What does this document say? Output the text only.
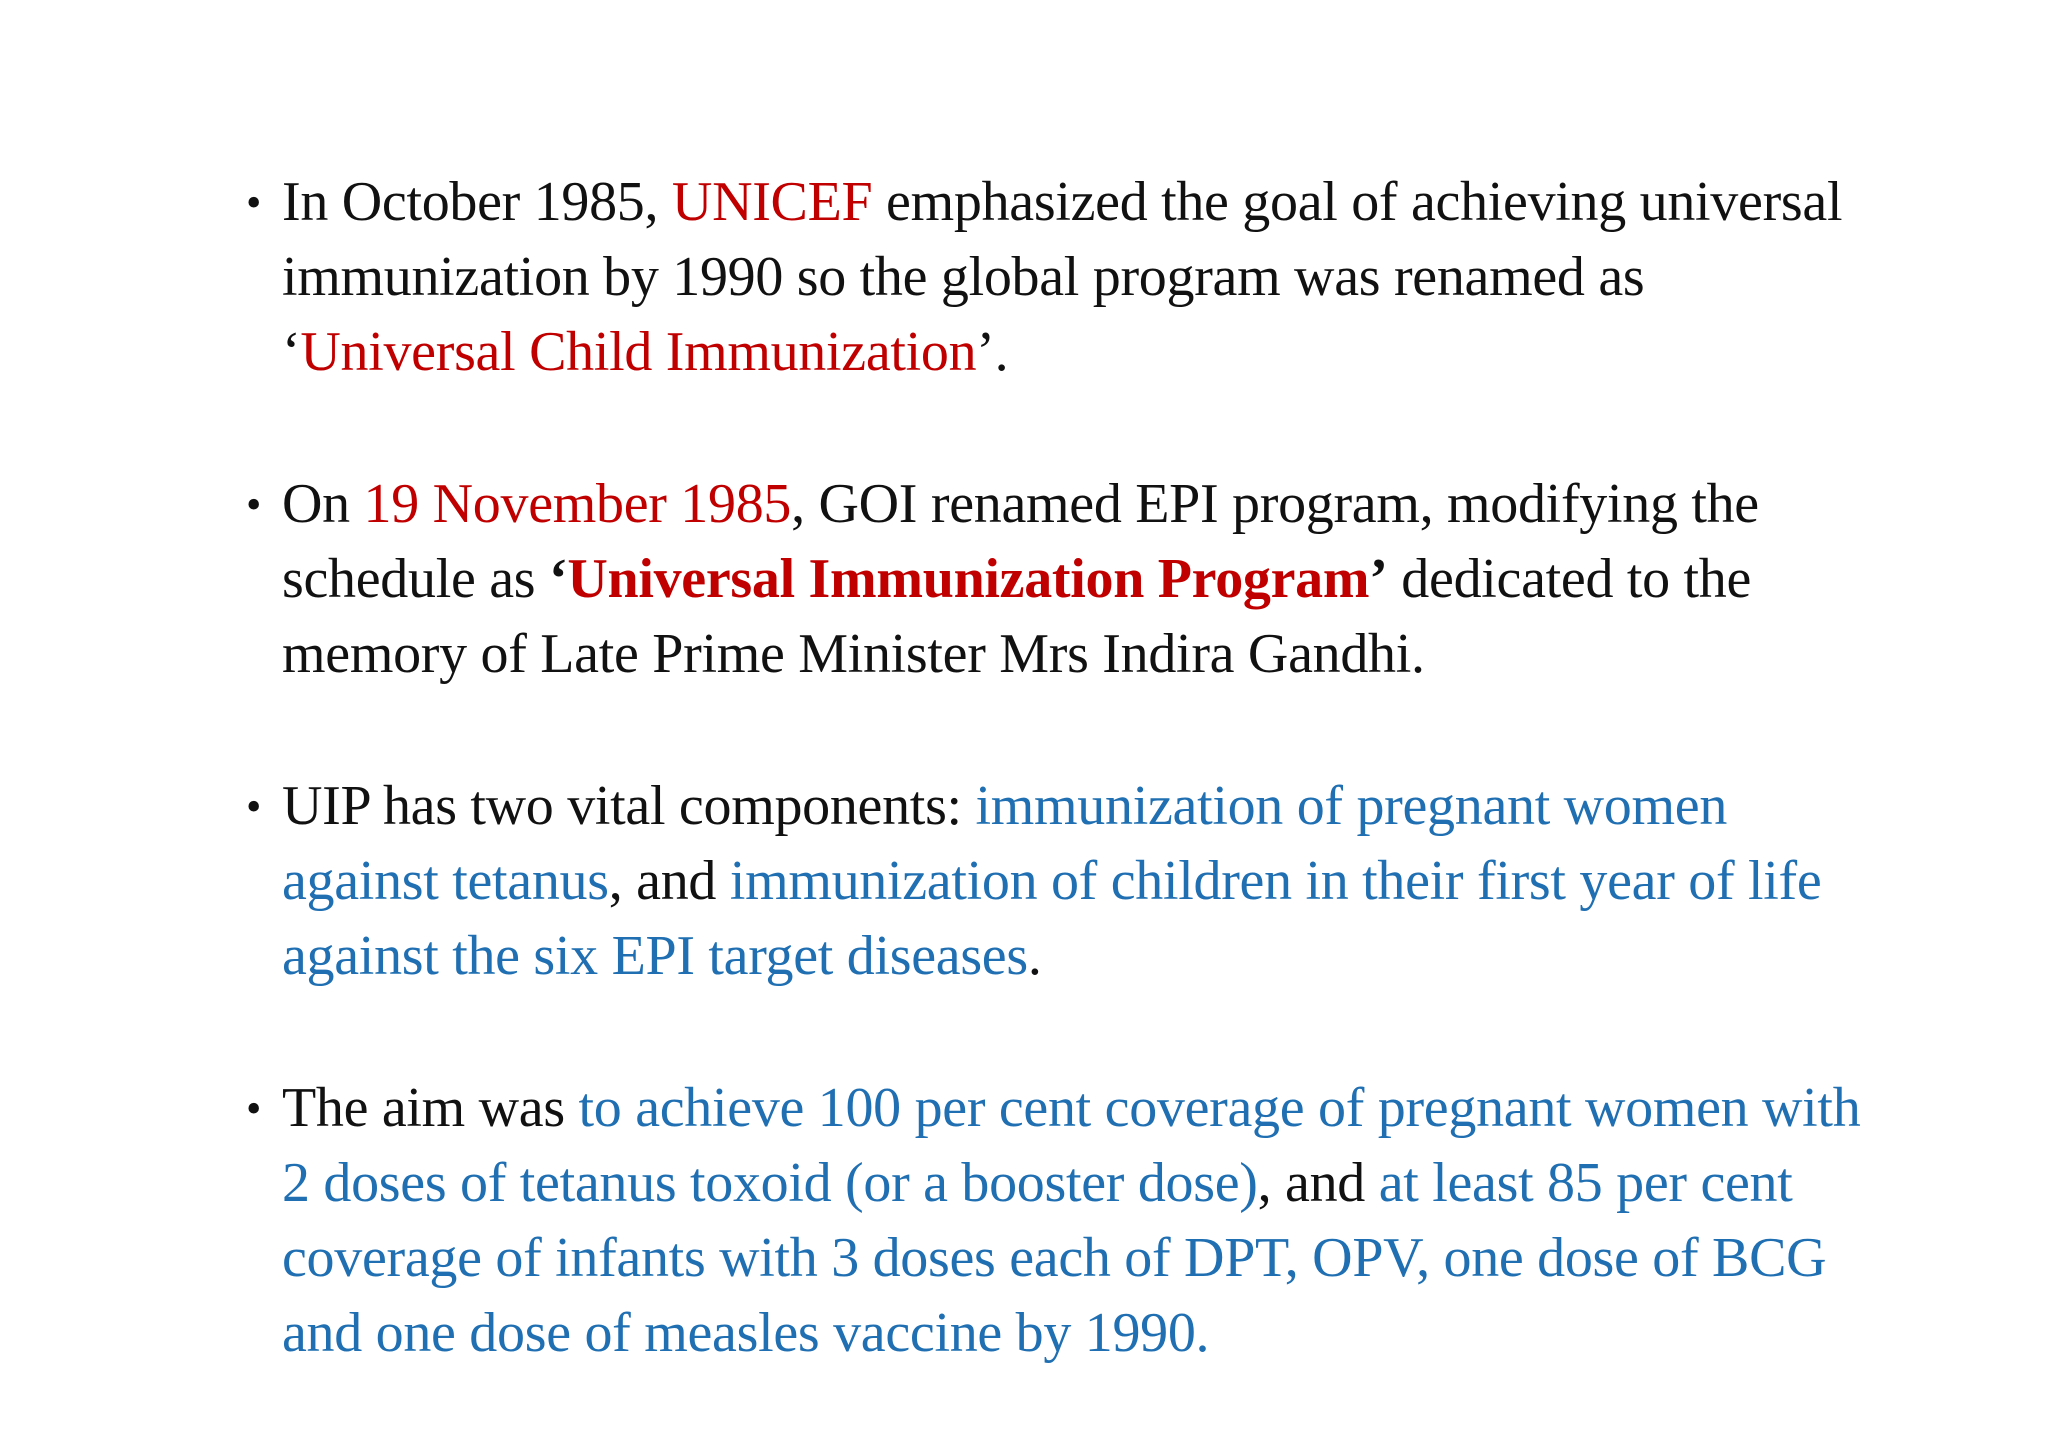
• In October 1985, UNICEF emphasized the goal of achieving universal immunization by 1990 so the global program was renamed as ‘Universal Child Immunization’.
• On 19 November 1985, GOI renamed EPI program, modifying the schedule as ‘Universal Immunization Program’ dedicated to the memory of Late Prime Minister Mrs Indira Gandhi.
• UIP has two vital components: immunization of pregnant women against tetanus, and immunization of children in their first year of life against the six EPI target diseases.
• The aim was to achieve 100 per cent coverage of pregnant women with 2 doses of tetanus toxoid (or a booster dose), and at least 85 per cent coverage of infants with 3 doses each of DPT, OPV, one dose of BCG and one dose of measles vaccine by 1990.
